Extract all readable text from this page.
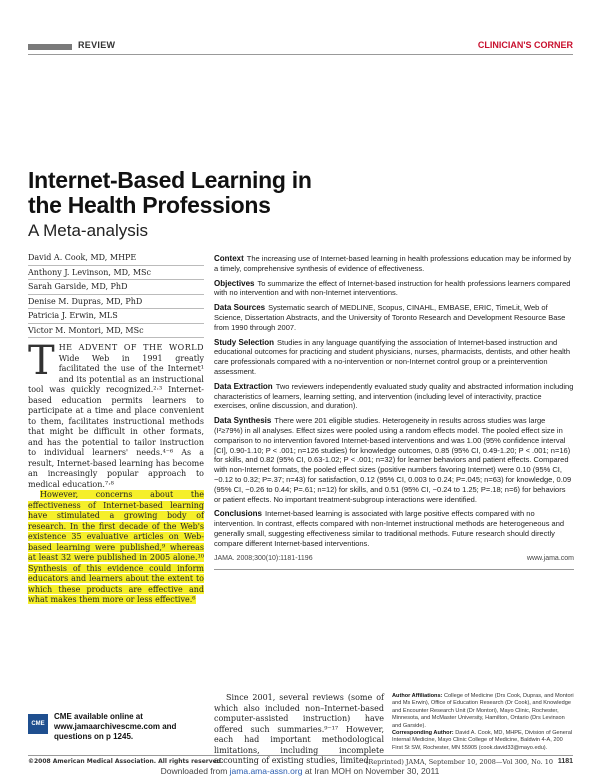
REVIEW	CLINICIAN'S CORNER
Internet-Based Learning in the Health Professions
A Meta-analysis
David A. Cook, MD, MHPE
Anthony J. Levinson, MD, MSc
Sarah Garside, MD, PhD
Denise M. Dupras, MD, PhD
Patricia J. Erwin, MLS
Victor M. Montori, MD, MSc

THE ADVENT OF THE WORLD Wide Web in 1991 greatly facilitated the use of the Internet¹ and its potential as an instructional tool was quickly recognized.²·³ Internet-based education permits learners to participate at a time and place convenient to them, facilitates instructional methods that might be difficult in other formats, and has the potential to tailor instruction to individual learners' needs.⁴⁻⁶ As a result, Internet-based learning has become an increasingly popular approach to medical education.⁷·⁸

However, concerns about the effectiveness of Internet-based learning have stimulated a growing body of research. In the first decade of the Web's existence 35 evaluative articles on Web-based learning were published,⁹ whereas at least 32 were published in 2005 alone.¹⁰ Synthesis of this evidence could inform educators and learners about the extent to which these products are effective and what makes them more or less effective.⁶

CME
CME available online at www.jamaarchivescme.com and questions on p 1245.
Context The increasing use of Internet-based learning in health professions education may be informed by a timely, comprehensive synthesis of evidence of effectiveness.
Objectives To summarize the effect of Internet-based instruction for health professions learners compared with no intervention and with non-Internet interventions.
Data Sources Systematic search of MEDLINE, Scopus, CINAHL, EMBASE, ERIC, TimeLit, Web of Science, Dissertation Abstracts, and the University of Toronto Research and Development Resource Base from 1990 through 2007.
Study Selection Studies in any language quantifying the association of Internet-based instruction and educational outcomes for practicing and student physicians, nurses, pharmacists, dentists, and other health care professionals compared with a no-intervention or non-Internet control group or a preintervention assessment.
Data Extraction Two reviewers independently evaluated study quality and abstracted information including characteristics of learners, learning setting, and intervention (including level of interactivity, practice exercises, online discussion, and duration).
Data Synthesis There were 201 eligible studies. Heterogeneity in results across studies was large (I²≥79%) in all analyses. Effect sizes were pooled using a random effects model. The pooled effect size in comparison to no intervention favored Internet-based interventions and was 1.00 (95% confidence interval [CI], 0.90-1.10; P < .001; n=126 studies) for knowledge outcomes, 0.85 (95% CI, 0.49-1.20; P < .001; n=16) for skills, and 0.82 (95% CI, 0.63-1.02; P < .001; n=32) for learner behaviors and patient effects. Compared with non-Internet formats, the pooled effect sizes (positive numbers favoring Internet) were 0.10 (95% CI, −0.12 to 0.32; P=.37; n=43) for satisfaction, 0.12 (95% CI, 0.003 to 0.24; P=.045; n=63) for knowledge, 0.09 (95% CI, −0.26 to 0.44; P=.61; n=12) for skills, and 0.51 (95% CI, −0.24 to 1.25; P=.18; n=6) for behaviors or patient effects. No important treatment-subgroup interactions were identified.
Conclusions Internet-based learning is associated with large positive effects compared with no intervention. In contrast, effects compared with non-Internet instructional methods are heterogeneous and generally small, suggesting effectiveness similar to traditional methods. Future research should directly compare different Internet-based interventions.
JAMA. 2008;300(10):1181-1196	www.jama.com
Since 2001, several reviews (some of which also included non–Internet-based computer-assisted instruction) have offered such summaries.⁹⁻¹⁷ However, each had important methodological limitations, including incomplete accounting of existing studies, limited
Author Affiliations: College of Medicine (Drs Cook, Dupras, and Montori and Ms Erwin), Office of Education Research (Dr Cook), and Knowledge and Encounter Research Unit (Dr Montori), Mayo Clinic, Rochester, Minnesota, and McMaster University, Hamilton, Ontario (Drs Levinson and Garside).
Corresponding Author: David A. Cook, MD, MHPE, Division of General Internal Medicine, Mayo Clinic College of Medicine, Baldwin 4-A, 200 First St SW, Rochester, MN 55905 (cook.david33@mayo.edu).
©2008 American Medical Association. All rights reserved.	(Reprinted) JAMA, September 10, 2008—Vol 300, No. 10 1181
Downloaded from jama.ama-assn.org at Iran MOH on November 30, 2011
